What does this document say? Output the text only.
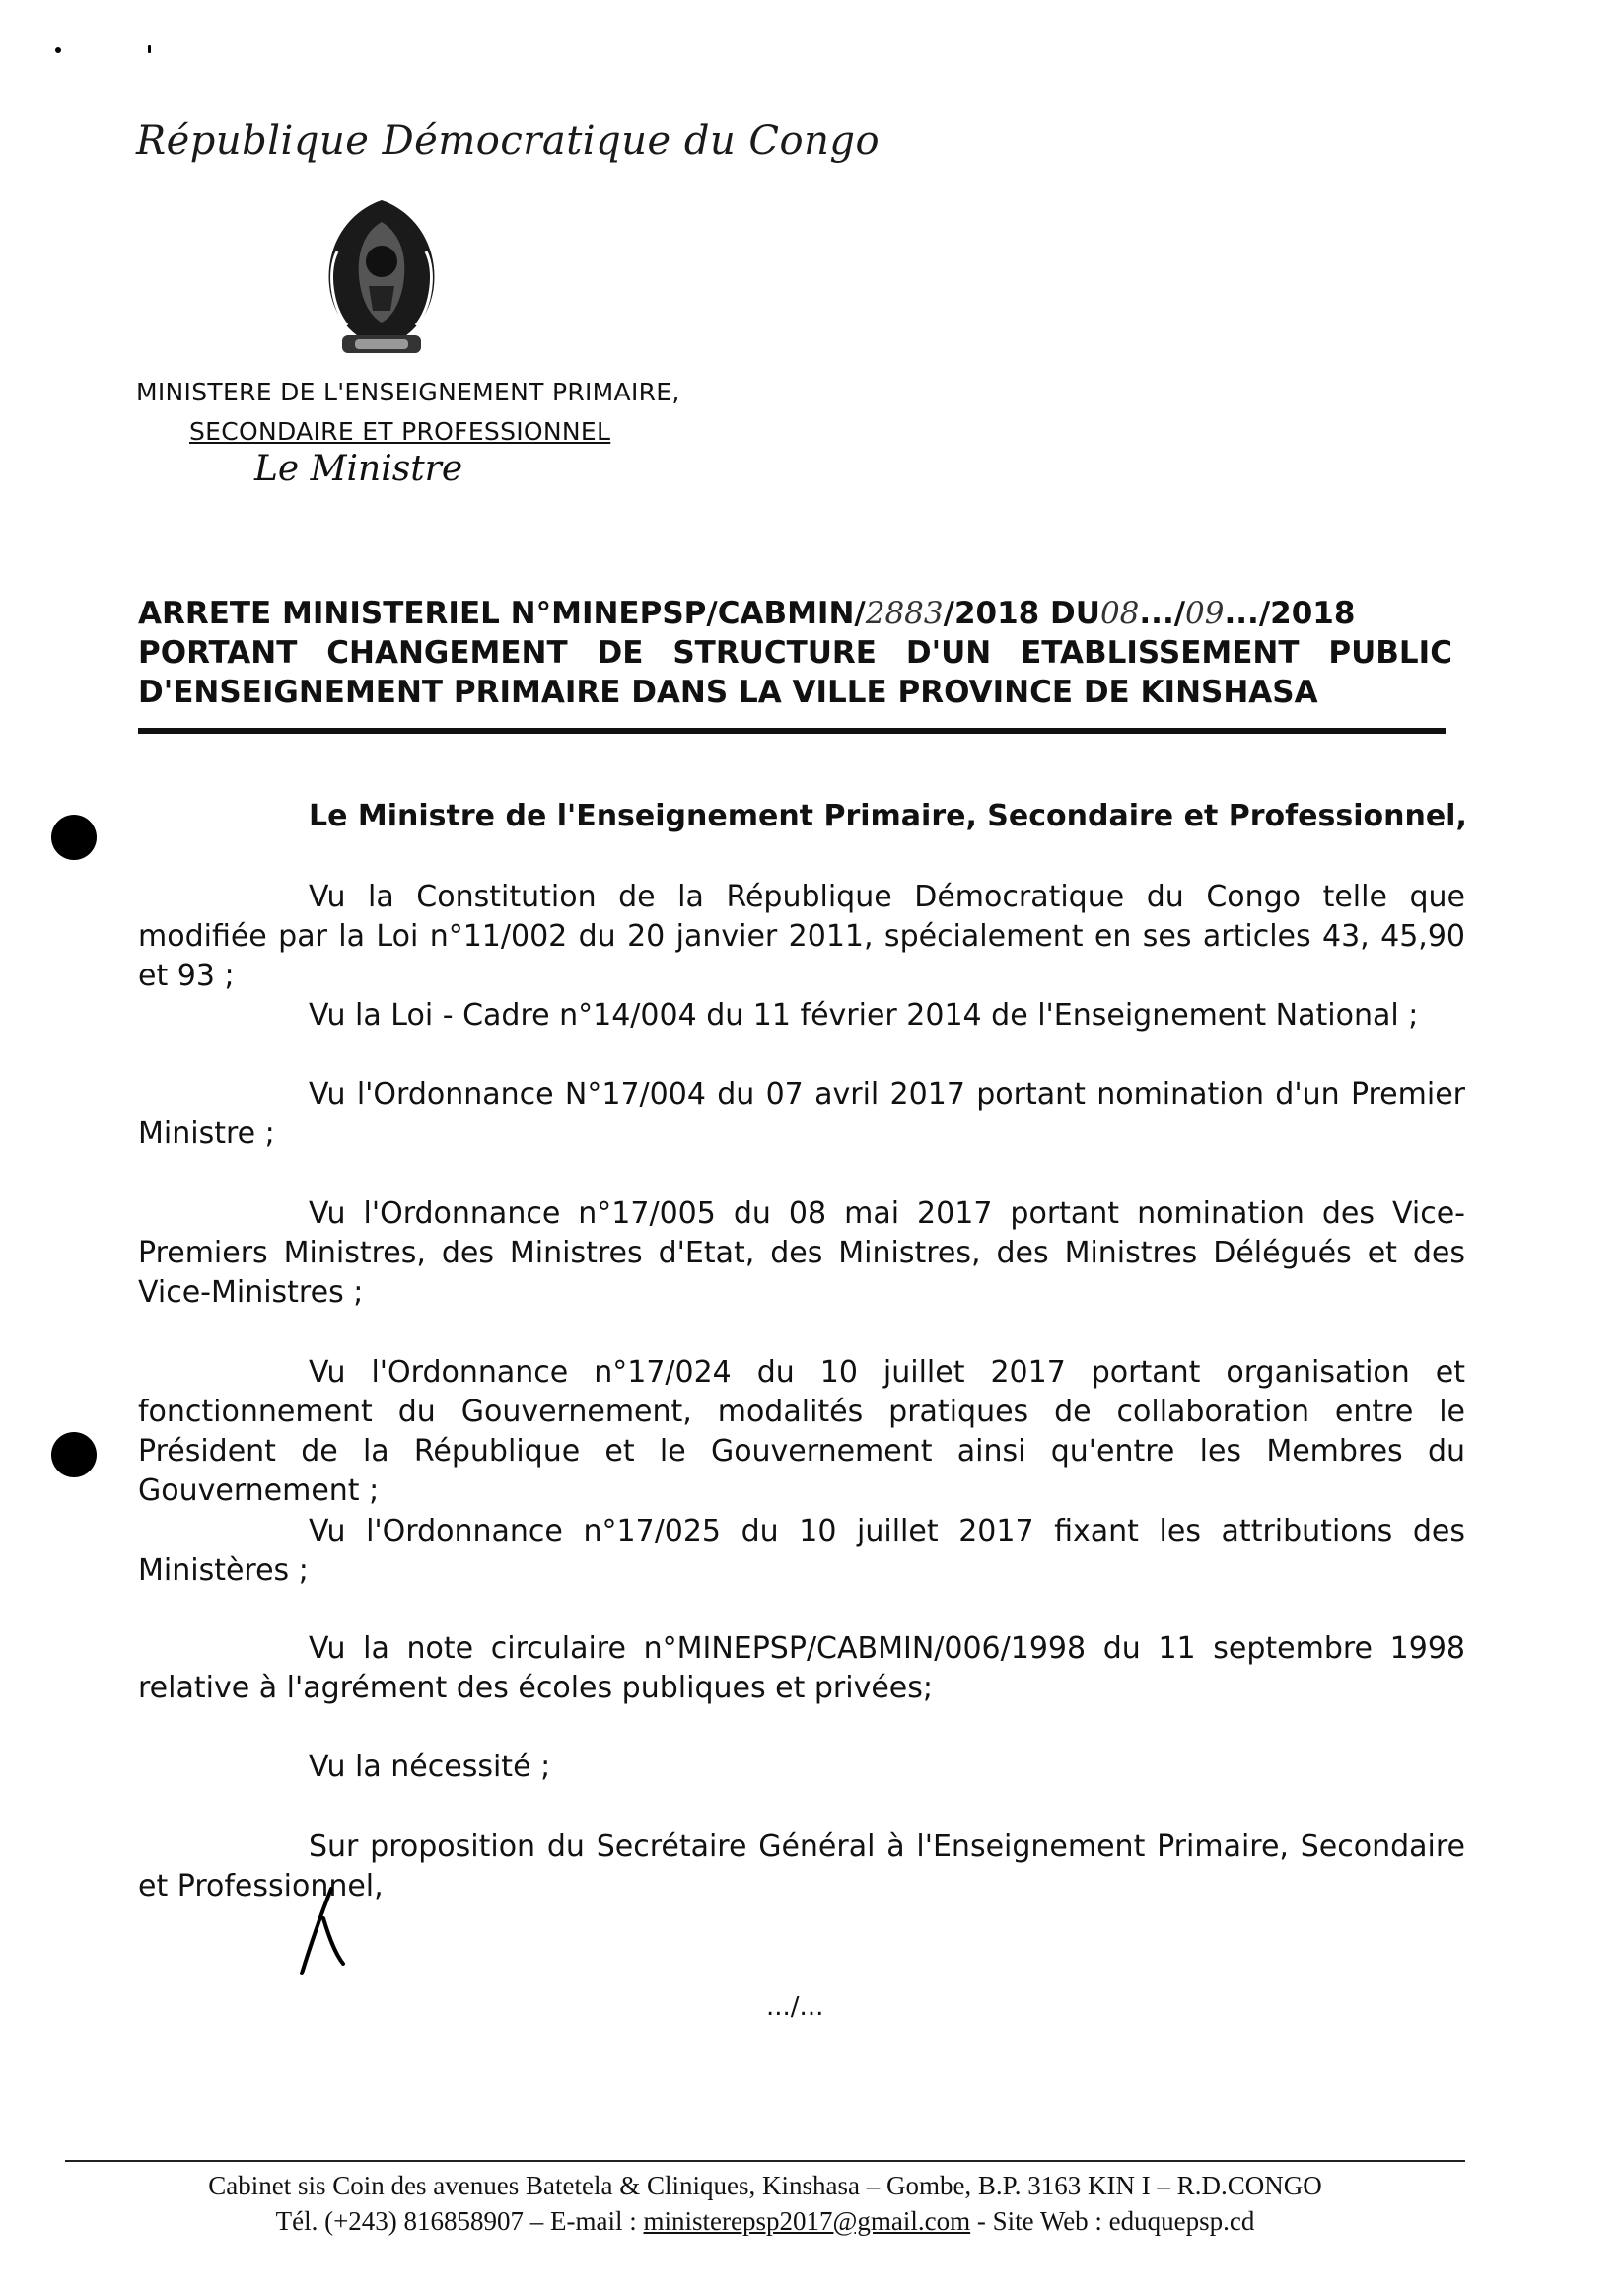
République Démocratique du Congo
MINISTERE DE L'ENSEIGNEMENT PRIMAIRE,
SECONDAIRE ET PROFESSIONNEL
Le Ministre
ARRETE MINISTERIEL N°MINEPSP/CABMIN/2883/2018 DU08.../09.../2018
PORTANT CHANGEMENT DE STRUCTURE D'UN ETABLISSEMENT PUBLIC
D'ENSEIGNEMENT PRIMAIRE DANS LA VILLE PROVINCE DE KINSHASA
Le Ministre de l'Enseignement Primaire, Secondaire et Professionnel,
Vu la Constitution de la République Démocratique du Congo telle que modifiée par la Loi n°11/002 du 20 janvier 2011, spécialement en ses articles 43, 45,90 et 93 ;
Vu la Loi - Cadre n°14/004 du 11 février 2014 de l'Enseignement National ;
Vu l'Ordonnance N°17/004 du 07 avril 2017 portant nomination d'un Premier Ministre ;
Vu l'Ordonnance n°17/005 du 08 mai 2017 portant nomination des Vice-Premiers Ministres, des Ministres d'Etat, des Ministres, des Ministres Délégués et des Vice-Ministres ;
Vu l'Ordonnance n°17/024 du 10 juillet 2017 portant organisation et fonctionnement du Gouvernement, modalités pratiques de collaboration entre le Président de la République et le Gouvernement ainsi qu'entre les Membres du Gouvernement ;
Vu l'Ordonnance n°17/025 du 10 juillet 2017 fixant les attributions des Ministères ;
Vu la note circulaire n°MINEPSP/CABMIN/006/1998 du 11 septembre 1998 relative à l'agrément des écoles publiques et privées;
Vu la nécessité ;
Sur proposition du Secrétaire Général à l'Enseignement Primaire, Secondaire et Professionnel,
.../...
Cabinet sis Coin des avenues Batetela & Cliniques, Kinshasa – Gombe, B.P. 3163 KIN I – R.D.CONGO
Tél. (+243) 816858907 – E-mail : ministerepsp2017@gmail.com - Site Web : eduquepsp.cd
